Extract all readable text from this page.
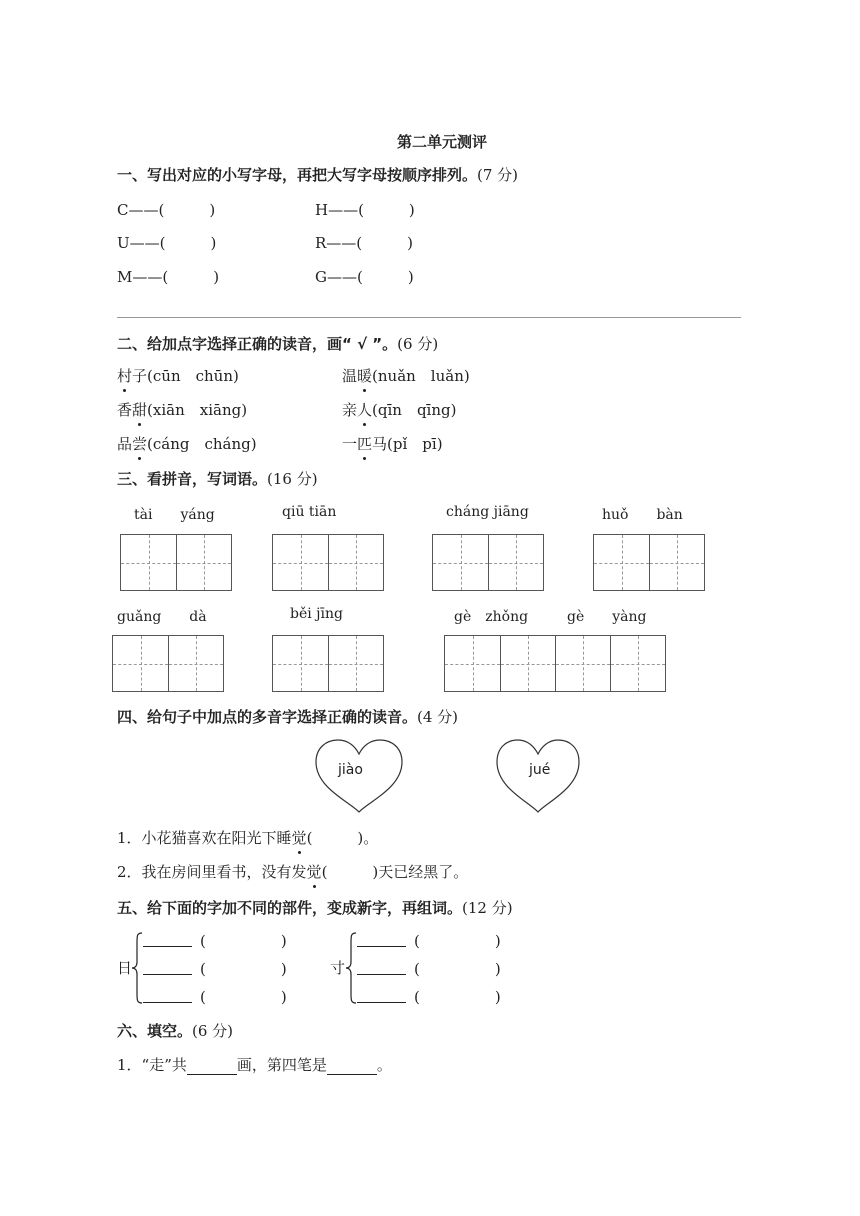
第二单元测评
一、写出对应的小写字母，再把大写字母按顺序排列。(7 分)
C——(　　　)	H——(　　　)
U——(　　　)	R——(　　　)
M——(　　　)	G——(　　　)
二、给加点字选择正确的读音，画“ √ ”。(6 分)
村子(cūn　chūn)	温暖(nuǎn　luǎn)
香甜(xiān　xiāng)	亲人(qīn　qīng)
品尝(cáng　cháng)	一匹马(pǐ　pī)
三、看拼音，写词语。(16 分)
tài　　yáng	qiū tiān	cháng jiāng	huǒ　　bàn
guǎng　　dà	běi jīng	gè　zhǒng	gè　　yàng
四、给句子中加点的多音字选择正确的读音。(4 分)
jiào	jué
1．小花猫喜欢在阳光下睡觉(　　　)。
2．我在房间里看书，没有发觉(　　　)天已经黑了。
五、给下面的字加不同的部件，变成新字，再组词。(12 分)
日
(　　　　　)
(　　　　　)
(　　　　　)
寸
(　　　　　)
(　　　　　)
(　　　　　)
六、填空。(6 分)
1．“走”共	画，第四笔是	。
